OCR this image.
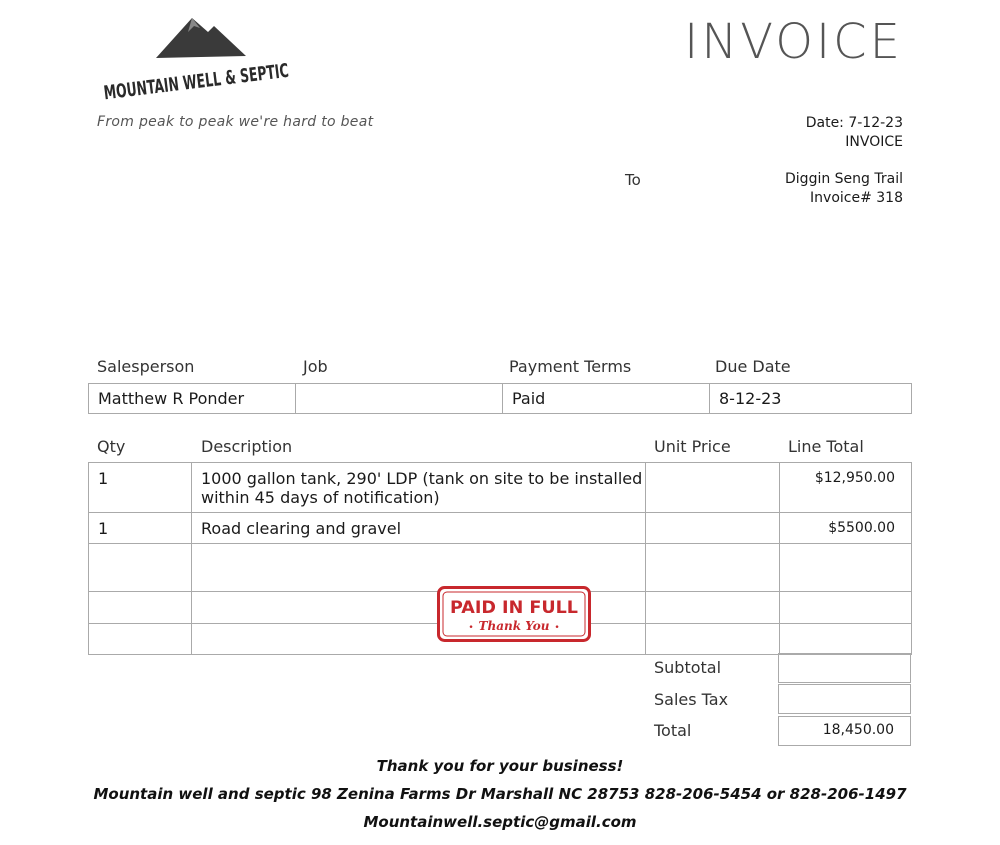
MOUNTAIN WELL & SEPTIC
From peak to peak we're hard to beat
INVOICE
Date: 7-12-23
INVOICE
To	Diggin Seng Trail
Invoice# 318
Salesperson	Job	Payment Terms	Due Date
Matthew R Ponder		Paid	8-12-23
Qty	Description	Unit Price	Line Total
1	1000 gallon tank, 290' LDP (tank on site to be installed within 45 days of notification)		$12,950.00
1	Road clearing and gravel		$5500.00

Subtotal
Sales Tax
Total	18,450.00
PAID IN FULL
Thank You
•	•
Thank you for your business!
Mountain well and septic 98 Zenina Farms Dr Marshall NC 28753 828-206-5454 or 828-206-1497
Mountainwell.septic@gmail.com
